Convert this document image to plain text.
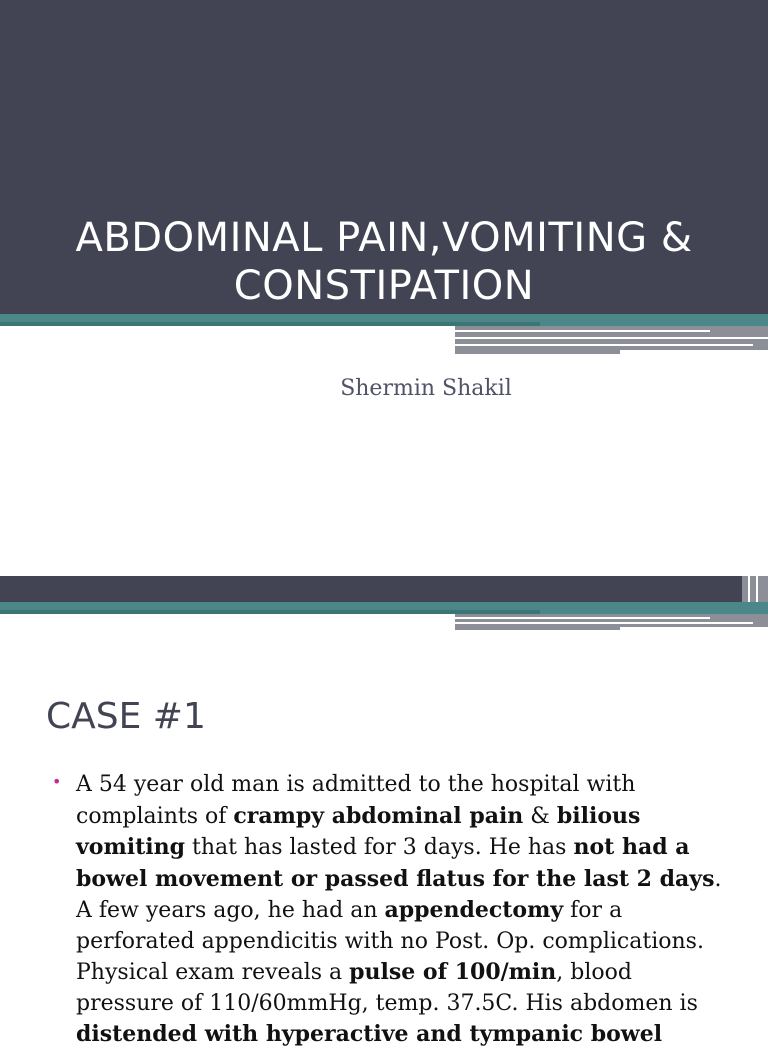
ABDOMINAL PAIN,VOMITING &
CONSTIPATION
Shermin Shakil
CASE #1
• A 54 year old man is admitted to the hospital with complaints of crampy abdominal pain & bilious vomiting that has lasted for 3 days. He has not had a bowel movement or passed flatus for the last 2 days. A few years ago, he had an appendectomy for a perforated appendicitis with no Post. Op. complications. Physical exam reveals a pulse of 100/min, blood pressure of 110/60mmHg, temp. 37.5C. His abdomen is distended with hyperactive and tympanic bowel
